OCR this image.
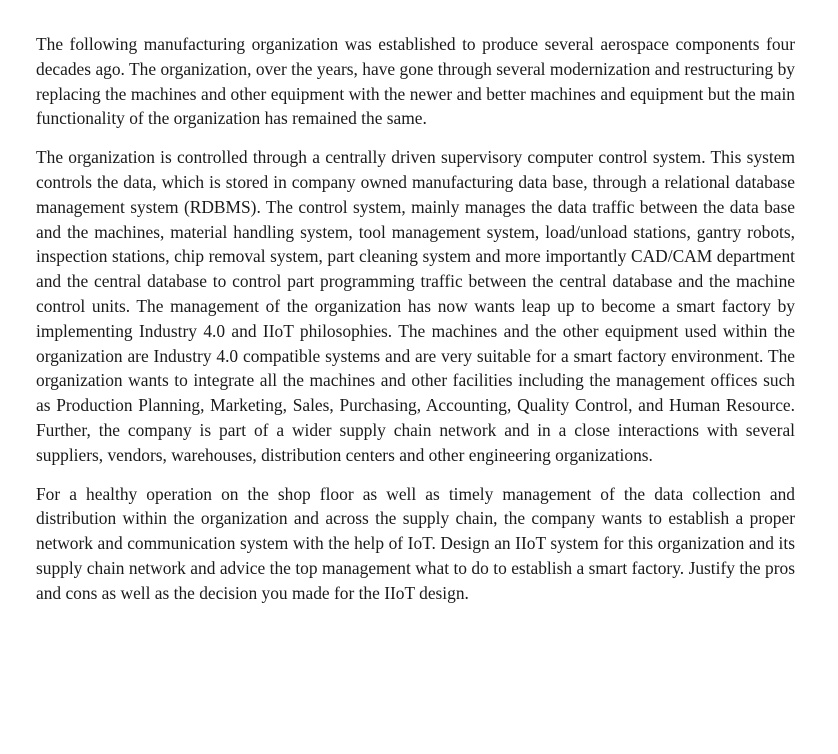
The following manufacturing organization was established to produce several aerospace components four decades ago. The organization, over the years, have gone through several modernization and restructuring by replacing the machines and other equipment with the newer and better machines and equipment but the main functionality of the organization has remained the same.

The organization is controlled through a centrally driven supervisory computer control system. This system controls the data, which is stored in company owned manufacturing data base, through a relational database management system (RDBMS). The control system, mainly manages the data traffic between the data base and the machines, material handling system, tool management system, load/unload stations, gantry robots, inspection stations, chip removal system, part cleaning system and more importantly CAD/CAM department and the central database to control part programming traffic between the central database and the machine control units. The management of the organization has now wants leap up to become a smart factory by implementing Industry 4.0 and IIoT philosophies. The machines and the other equipment used within the organization are Industry 4.0 compatible systems and are very suitable for a smart factory environment. The organization wants to integrate all the machines and other facilities including the management offices such as Production Planning, Marketing, Sales, Purchasing, Accounting, Quality Control, and Human Resource. Further, the company is part of a wider supply chain network and in a close interactions with several suppliers, vendors, warehouses, distribution centers and other engineering organizations.

For a healthy operation on the shop floor as well as timely management of the data collection and distribution within the organization and across the supply chain, the company wants to establish a proper network and communication system with the help of IoT. Design an IIoT system for this organization and its supply chain network and advice the top management what to do to establish a smart factory. Justify the pros and cons as well as the decision you made for the IIoT design.
